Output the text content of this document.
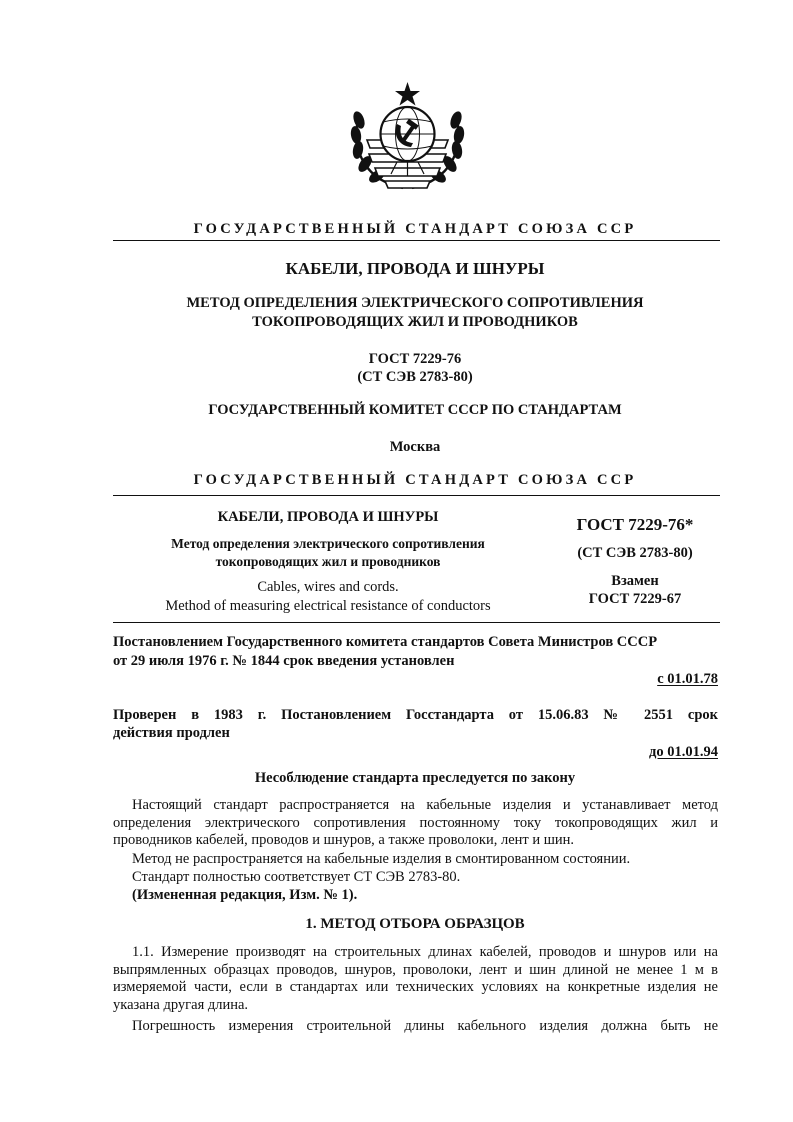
ГОСУДАРСТВЕННЫЙ СТАНДАРТ СОЮЗА ССР
КАБЕЛИ, ПРОВОДА И ШНУРЫ
МЕТОД ОПРЕДЕЛЕНИЯ ЭЛЕКТРИЧЕСКОГО СОПРОТИВЛЕНИЯ
ТОКОПРОВОДЯЩИХ ЖИЛ И ПРОВОДНИКОВ
ГОСТ 7229-76
(СТ СЭВ 2783-80)
ГОСУДАРСТВЕННЫЙ КОМИТЕТ СССР ПО СТАНДАРТАМ
Москва
ГОСУДАРСТВЕННЫЙ СТАНДАРТ СОЮЗА ССР
КАБЕЛИ, ПРОВОДА И ШНУРЫ
Метод определения электрического сопротивления
токопроводящих жил и проводников
Cables, wires and cords.
Method of measuring electrical resistance of conductors
ГОСТ 7229-76*
(СТ СЭВ 2783-80)
Взамен
ГОСТ 7229-67
Постановлением Государственного комитета стандартов Совета Министров СССР
от 29 июля 1976 г. № 1844 срок введения установлен
с 01.01.78
Проверен в 1983 г. Постановлением Госстандарта от 15.06.83 № 2551 срок
действия продлен
до 01.01.94
Несоблюдение стандарта преследуется по закону
Настоящий стандарт распространяется на кабельные изделия и устанавливает метод определения электрического сопротивления постоянному току токопроводящих жил и проводников кабелей, проводов и шнуров, а также проволоки, лент и шин.
Метод не распространяется на кабельные изделия в смонтированном состоянии.
Стандарт полностью соответствует СТ СЭВ 2783-80.
(Измененная редакция, Изм. № 1).
1. МЕТОД ОТБОРА ОБРАЗЦОВ
1.1. Измерение производят на строительных длинах кабелей, проводов и шнуров или на выпрямленных образцах проводов, шнуров, проволоки, лент и шин длиной не менее 1 м в измеряемой части, если в стандартах или технических условиях на конкретные изделия не указана другая длина.
Погрешность измерения строительной длины кабельного изделия должна быть не
